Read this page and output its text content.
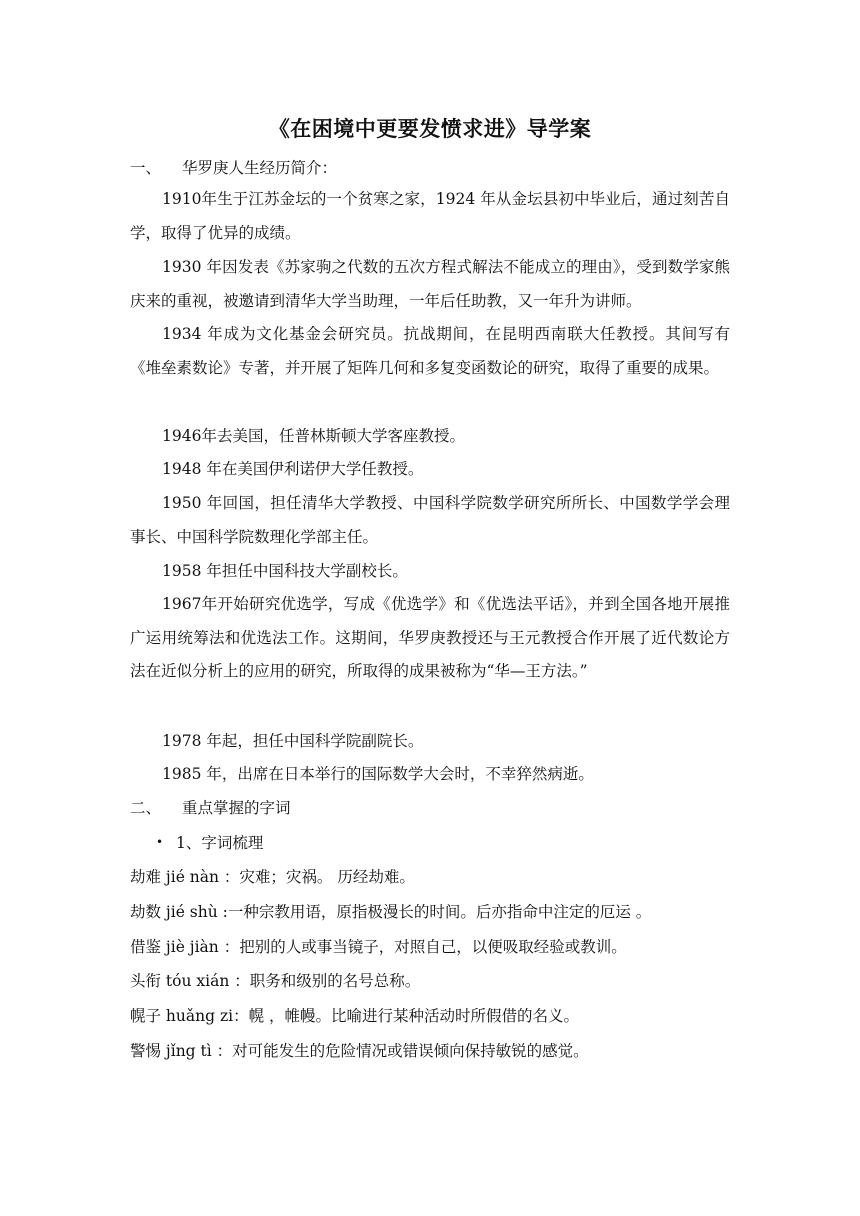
《在困境中更要发愤求进》导学案
一、 华罗庚人生经历简介：
1910年生于江苏金坛的一个贫寒之家，1924 年从金坛县初中毕业后，通过刻苦自学，取得了优异的成绩。
1930 年因发表《苏家驹之代数的五次方程式解法不能成立的理由》，受到数学家熊庆来的重视，被邀请到清华大学当助理，一年后任助教，又一年升为讲师。
1934 年成为文化基金会研究员。抗战期间，在昆明西南联大任教授。其间写有《堆垒素数论》专著，并开展了矩阵几何和多复变函数论的研究，取得了重要的成果。
1946年去美国，任普林斯顿大学客座教授。
1948 年在美国伊利诺伊大学任教授。
1950 年回国，担任清华大学教授、中国科学院数学研究所所长、中国数学学会理事长、中国科学院数理化学部主任。
1958 年担任中国科技大学副校长。
1967年开始研究优选学，写成《优选学》和《优选法平话》，并到全国各地开展推广运用统筹法和优选法工作。这期间，华罗庚教授还与王元教授合作开展了近代数论方法在近似分析上的应用的研究，所取得的成果被称为“华—王方法。”
1978 年起，担任中国科学院副院长。
1985 年，出席在日本举行的国际数学大会时，不幸猝然病逝。
二、 重点掌握的字词
• 1、字词梳理
劫难 jié nàn ：灾难；灾祸。 历经劫难。
劫数 jié shù :一种宗教用语，原指极漫长的时间。后亦指命中注定的厄运 。
借鉴 jiè jiàn ：把别的人或事当镜子，对照自己，以便吸取经验或教训。
头衔 tóu xián ：职务和级别的名号总称。
幌子 huǎng zi：幌 ，帷幔。比喻进行某种活动时所假借的名义。
警惕 jǐng tì ：对可能发生的危险情况或错误倾向保持敏锐的感觉。
